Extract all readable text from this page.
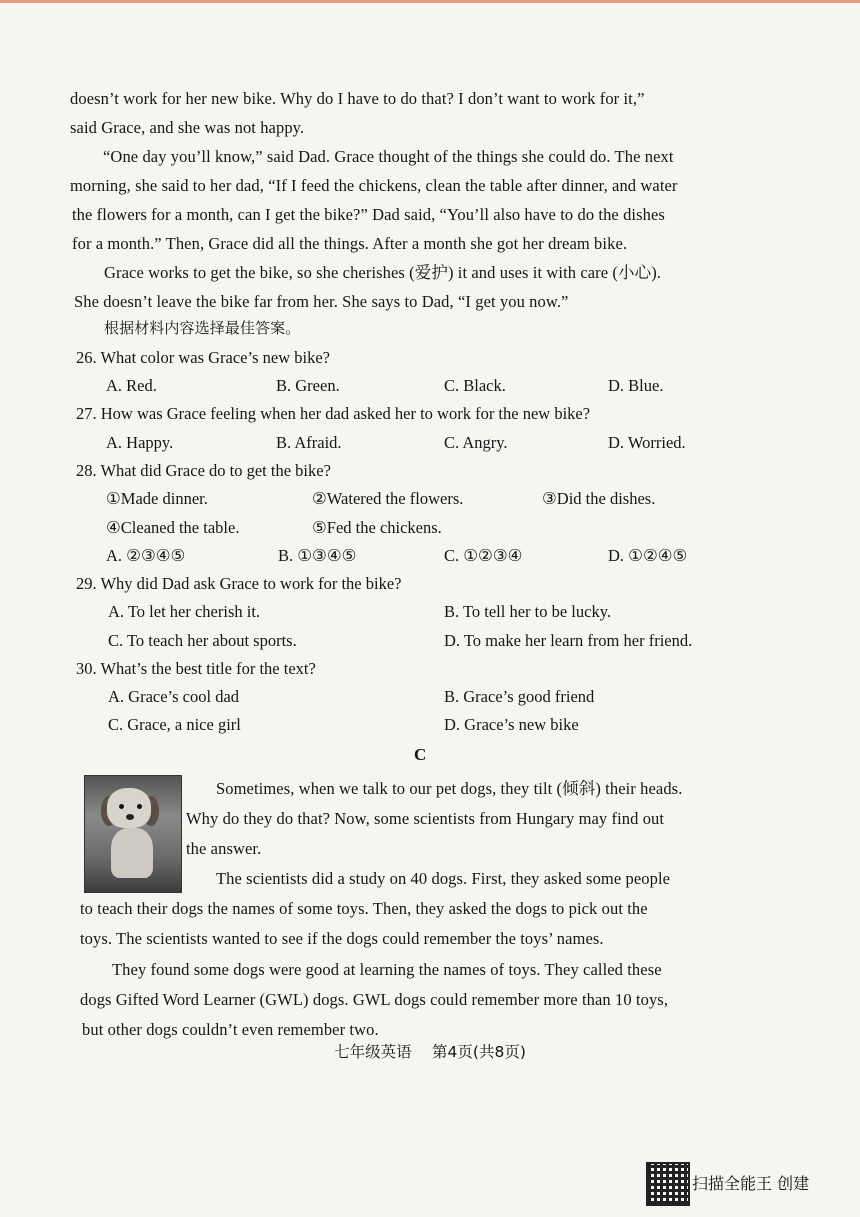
doesn’t work for her new bike. Why do I have to do that? I don’t want to work for it,”
said Grace, and she was not happy.
“One day you’ll know,” said Dad. Grace thought of the things she could do. The next
morning, she said to her dad, “If I feed the chickens, clean the table after dinner, and water
the flowers for a month, can I get the bike?” Dad said, “You’ll also have to do the dishes
for a month.” Then, Grace did all the things. After a month she got her dream bike.
Grace works to get the bike, so she cherishes (爱护) it and uses it with care (小心).
She doesn’t leave the bike far from her. She says to Dad, “I get you now.”
根据材料内容选择最佳答案。
26. What color was Grace’s new bike?
A. Red.	B. Green.	C. Black.	D. Blue.
27. How was Grace feeling when her dad asked her to work for the new bike?
A. Happy.	B. Afraid.	C. Angry.	D. Worried.
28. What did Grace do to get the bike?
①Made dinner.	②Watered the flowers.	③Did the dishes.
④Cleaned the table.	⑤Fed the chickens.
A. ②③④⑤	B. ①③④⑤	C. ①②③④	D. ①②④⑤
29. Why did Dad ask Grace to work for the bike?
A. To let her cherish it.	B. To tell her to be lucky.
C. To teach her about sports.	D. To make her learn from her friend.
30. What’s the best title for the text?
A. Grace’s cool dad	B. Grace’s good friend
C. Grace, a nice girl	D. Grace’s new bike
C
Sometimes, when we talk to our pet dogs, they tilt (倾斜) their heads.
Why do they do that? Now, some scientists from Hungary may find out
the answer.
The scientists did a study on 40 dogs. First, they asked some people
to teach their dogs the names of some toys. Then, they asked the dogs to pick out the
toys. The scientists wanted to see if the dogs could remember the toys’ names.
They found some dogs were good at learning the names of toys. They called these
dogs Gifted Word Learner (GWL) dogs. GWL dogs could remember more than 10 toys,
but other dogs couldn’t even remember two.
七年级英语　 第4页(共8页)
扫描全能王 创建
